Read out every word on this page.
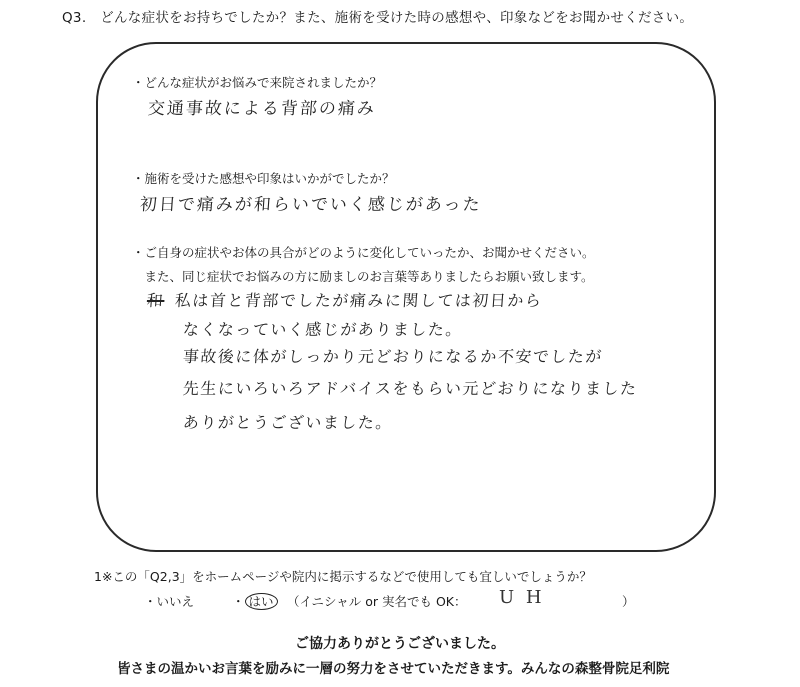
Q3.　どんな症状をお持ちでしたか？また、施術を受けた時の感想や、印象などをお聞かせください。
・どんな症状がお悩みで来院されましたか？
交通事故による背部の痛み
・施術を受けた感想や印象はいかがでしたか？
初日で痛みが和らいでいく感じがあった
・ご自身の症状やお体の具合がどのように変化していったか、お聞かせください。
　また、同じ症状でお悩みの方に励ましのお言葉等ありましたらお願い致します。
和 私は首と背部でしたが痛みに関しては初日から
なくなっていく感じがありました。
事故後に体がしっかり元どおりになるか不安でしたが
先生にいろいろアドバイスをもらい元どおりになりました
ありがとうございました。
1※この「Q2,3」をホームページや院内に掲示するなどで使用しても宜しいでしょうか？
・いいえ	・ はい	（イニシャル or 実名でも OK： U H	）
ご協力ありがとうございました。
皆さまの温かいお言葉を励みに一層の努力をさせていただきます。みんなの森整骨院足利院
